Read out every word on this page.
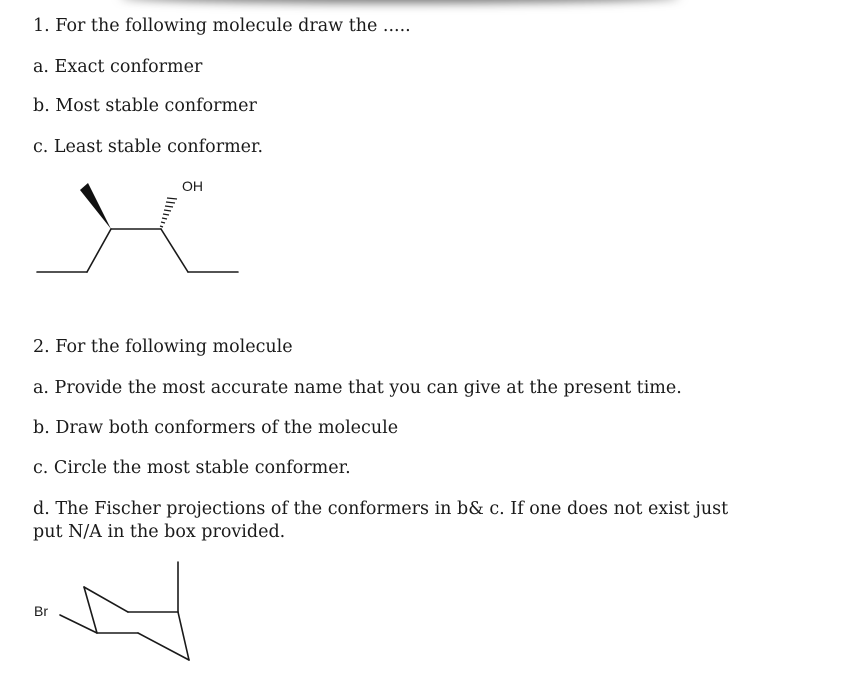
1. For the following molecule draw the .....
a. Exact conformer
b. Most stable conformer
c. Least stable conformer.
OH
2. For the following molecule
a. Provide the most accurate name that you can give at the present time.
b. Draw both conformers of the molecule
c. Circle the most stable conformer.
d. The Fischer projections of the conformers in b& c. If one does not exist just put N/A in the box provided.
Br
